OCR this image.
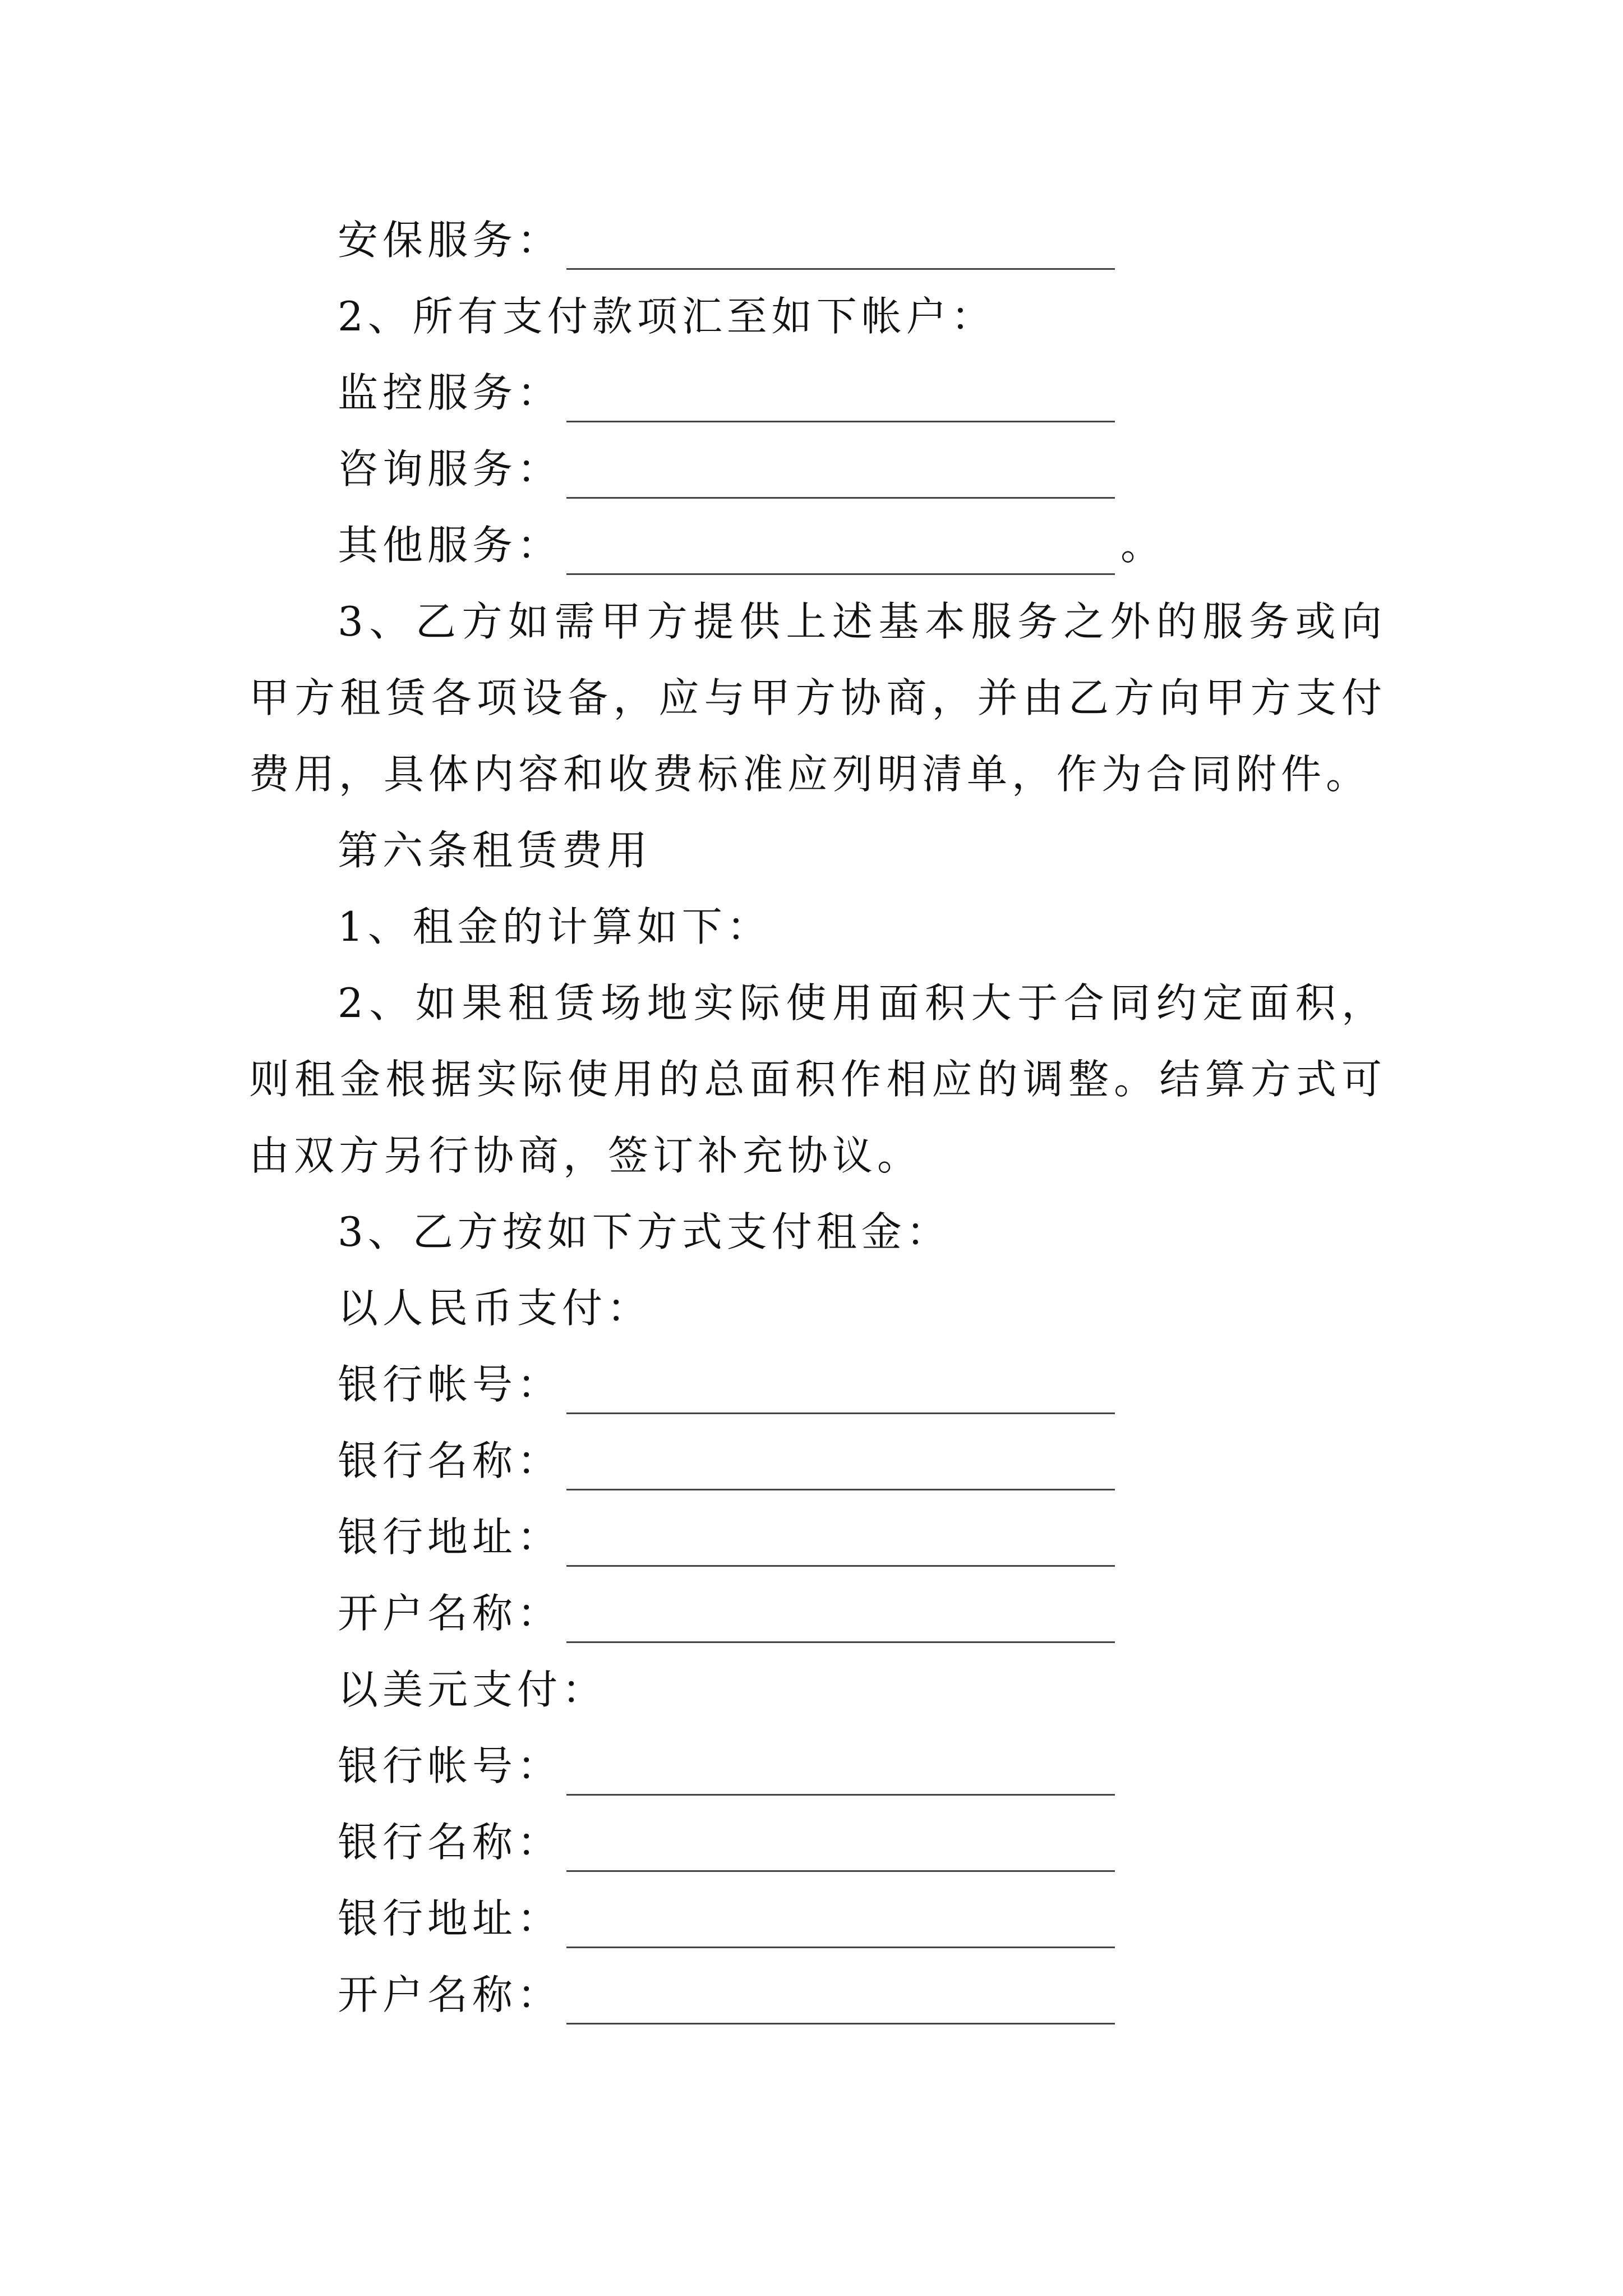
安保服务：
2、所有支付款项汇至如下帐户：
监控服务：
咨询服务：
其他服务：	。
3、乙方如需甲方提供上述基本服务之外的服务或向甲方租赁各项设备，应与甲方协商，并由乙方向甲方支付费用，具体内容和收费标准应列明清单，作为合同附件。
第六条租赁费用
1、租金的计算如下：
2、如果租赁场地实际使用面积大于合同约定面积，则租金根据实际使用的总面积作相应的调整。结算方式可由双方另行协商，签订补充协议。
3、乙方按如下方式支付租金：
以人民币支付：
银行帐号：
银行名称：
银行地址：
开户名称：
以美元支付：
银行帐号：
银行名称：
银行地址：
开户名称：
